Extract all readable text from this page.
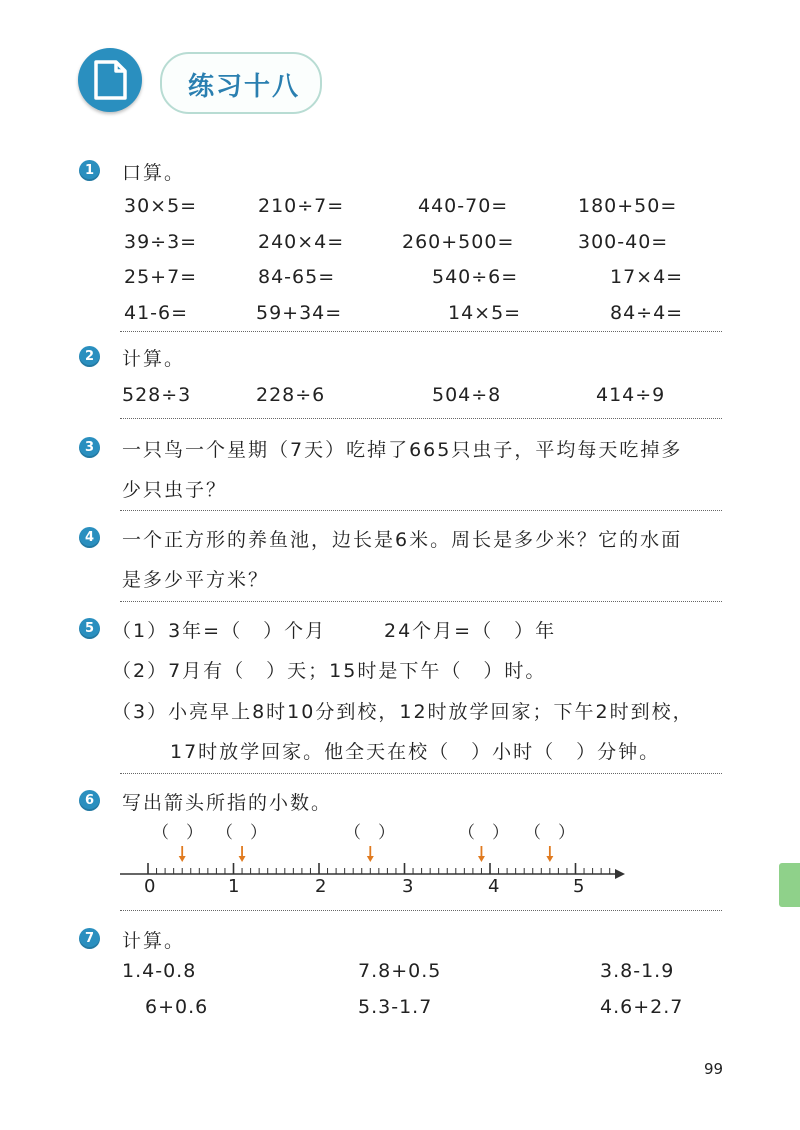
练习十八
1	口算。
30×5=	210÷7=	440-70=	180+50=
39÷3=	240×4=	260+500=	300-40=
25+7=	84-65=	540÷6=	17×4=
41-6=	59+34=	14×5=	84÷4=
2	计算。
528÷3	228÷6	504÷8	414÷9
3	一只鸟一个星期（7天）吃掉了665只虫子，平均每天吃掉多
少只虫子？
4	一个正方形的养鱼池，边长是6米。周长是多少米？它的水面
是多少平方米？
5 （1）3年=（　）个月	24个月=（　）年
（2）7月有（　）天；15时是下午（　）时。
（3）小亮早上8时10分到校，12时放学回家；下午2时到校，
17时放学回家。他全天在校（　）小时（　）分钟。
6	写出箭头所指的小数。
（　） （　）	（　）	（　） （　）
0	1	2	3	4	5
7	计算。
1.4-0.8	7.8+0.5	3.8-1.9
6+0.6	5.3-1.7	4.6+2.7
99
